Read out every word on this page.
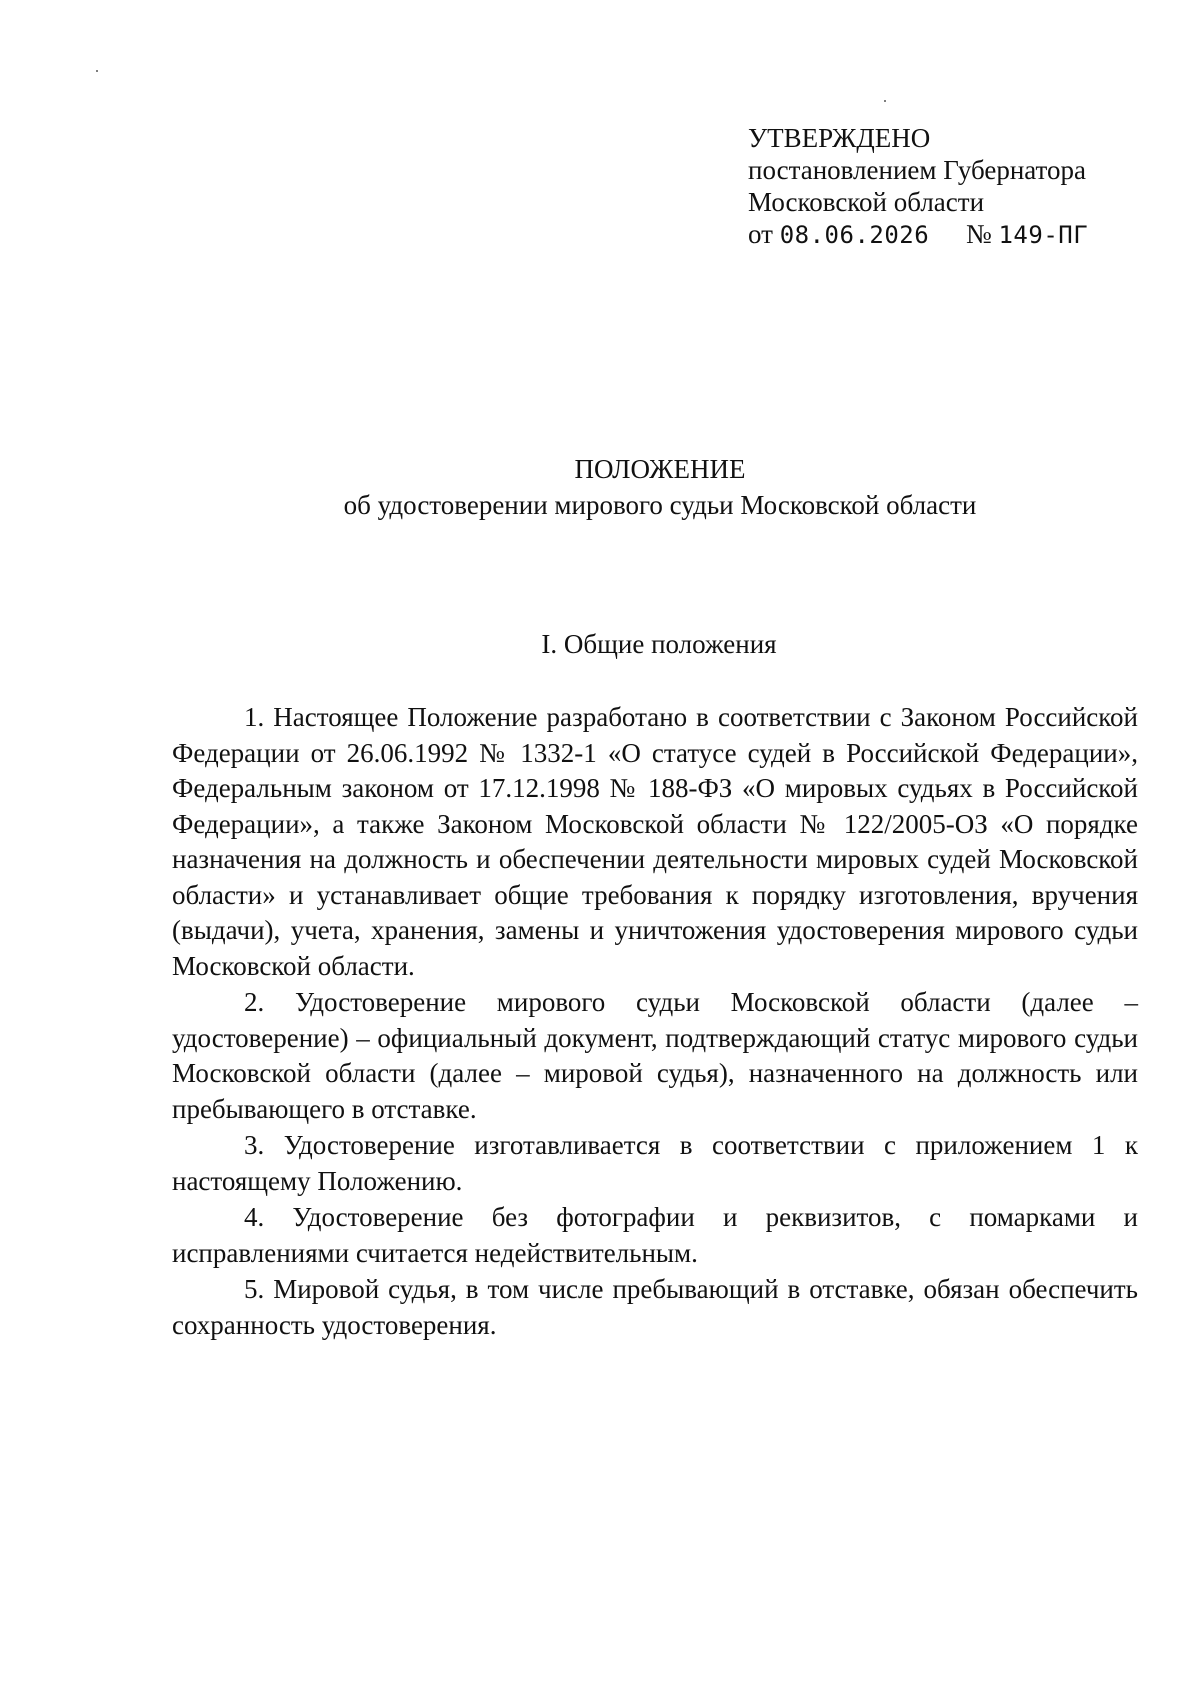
УТВЕРЖДЕНО
постановлением Губернатора
Московской области
от 08.06.2026 № 149-ПГ
ПОЛОЖЕНИЕ
об удостоверении мирового судьи Московской области
I. Общие положения

1. Настоящее Положение разработано в соответствии с Законом Российской Федерации от 26.06.1992 № 1332-1 «О статусе судей в Российской Федерации», Федеральным законом от 17.12.1998 № 188-ФЗ «О мировых судьях в Российской Федерации», а также Законом Московской области № 122/2005-ОЗ «О порядке назначения на должность и обеспечении деятельности мировых судей Московской области» и устанавливает общие требования к порядку изготовления, вручения (выдачи), учета, хранения, замены и уничтожения удостоверения мирового судьи Московской области.

2. Удостоверение мирового судьи Московской области (далее – удостоверение) – официальный документ, подтверждающий статус мирового судьи Московской области (далее – мировой судья), назначенного на должность или пребывающего в отставке.

3. Удостоверение изготавливается в соответствии с приложением 1 к настоящему Положению.

4. Удостоверение без фотографии и реквизитов, с помарками и исправлениями считается недействительным.

5. Мировой судья, в том числе пребывающий в отставке, обязан обеспечить сохранность удостоверения.
